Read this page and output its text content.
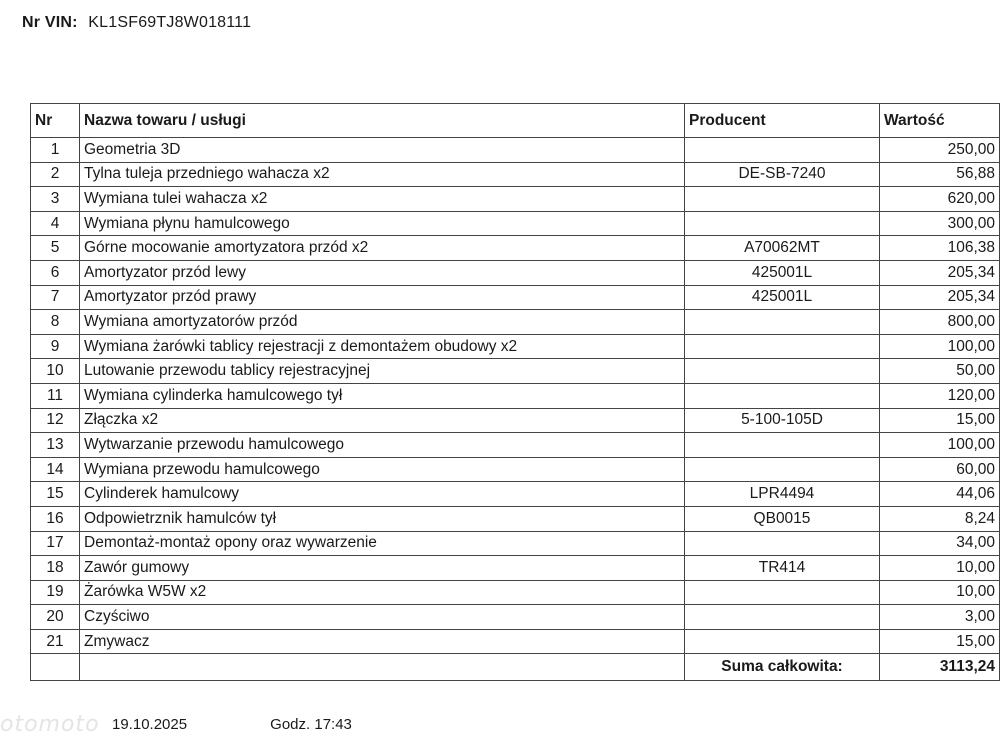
otomoto
Nr VIN: KL1SF69TJ8W018111
Nr	Nazwa towaru / usługi	Producent	Wartość
1	Geometria 3D		250,00
2	Tylna tuleja przedniego wahacza x2	DE-SB-7240	56,88
3	Wymiana tulei wahacza x2		620,00
4	Wymiana płynu hamulcowego		300,00
5	Górne mocowanie amortyzatora przód x2	A70062MT	106,38
6	Amortyzator przód lewy	425001L	205,34
7	Amortyzator przód prawy	425001L	205,34
8	Wymiana amortyzatorów przód		800,00
9	Wymiana żarówki tablicy rejestracji z demontażem obudowy x2		100,00
10	Lutowanie przewodu tablicy rejestracyjnej		50,00
11	Wymiana cylinderka hamulcowego tył		120,00
12	Złączka x2	5-100-105D	15,00
13	Wytwarzanie przewodu hamulcowego		100,00
14	Wymiana przewodu hamulcowego		60,00
15	Cylinderek hamulcowy	LPR4494	44,06
16	Odpowietrznik hamulców tył	QB0015	8,24
17	Demontaż-montaż opony oraz wywarzenie		34,00
18	Zawór gumowy	TR414	10,00
19	Żarówka W5W x2		10,00
20	Czyściwo		3,00
21	Zmywacz		15,00
		Suma całkowita:	3113,24
19.10.2025	Godz. 17:43
